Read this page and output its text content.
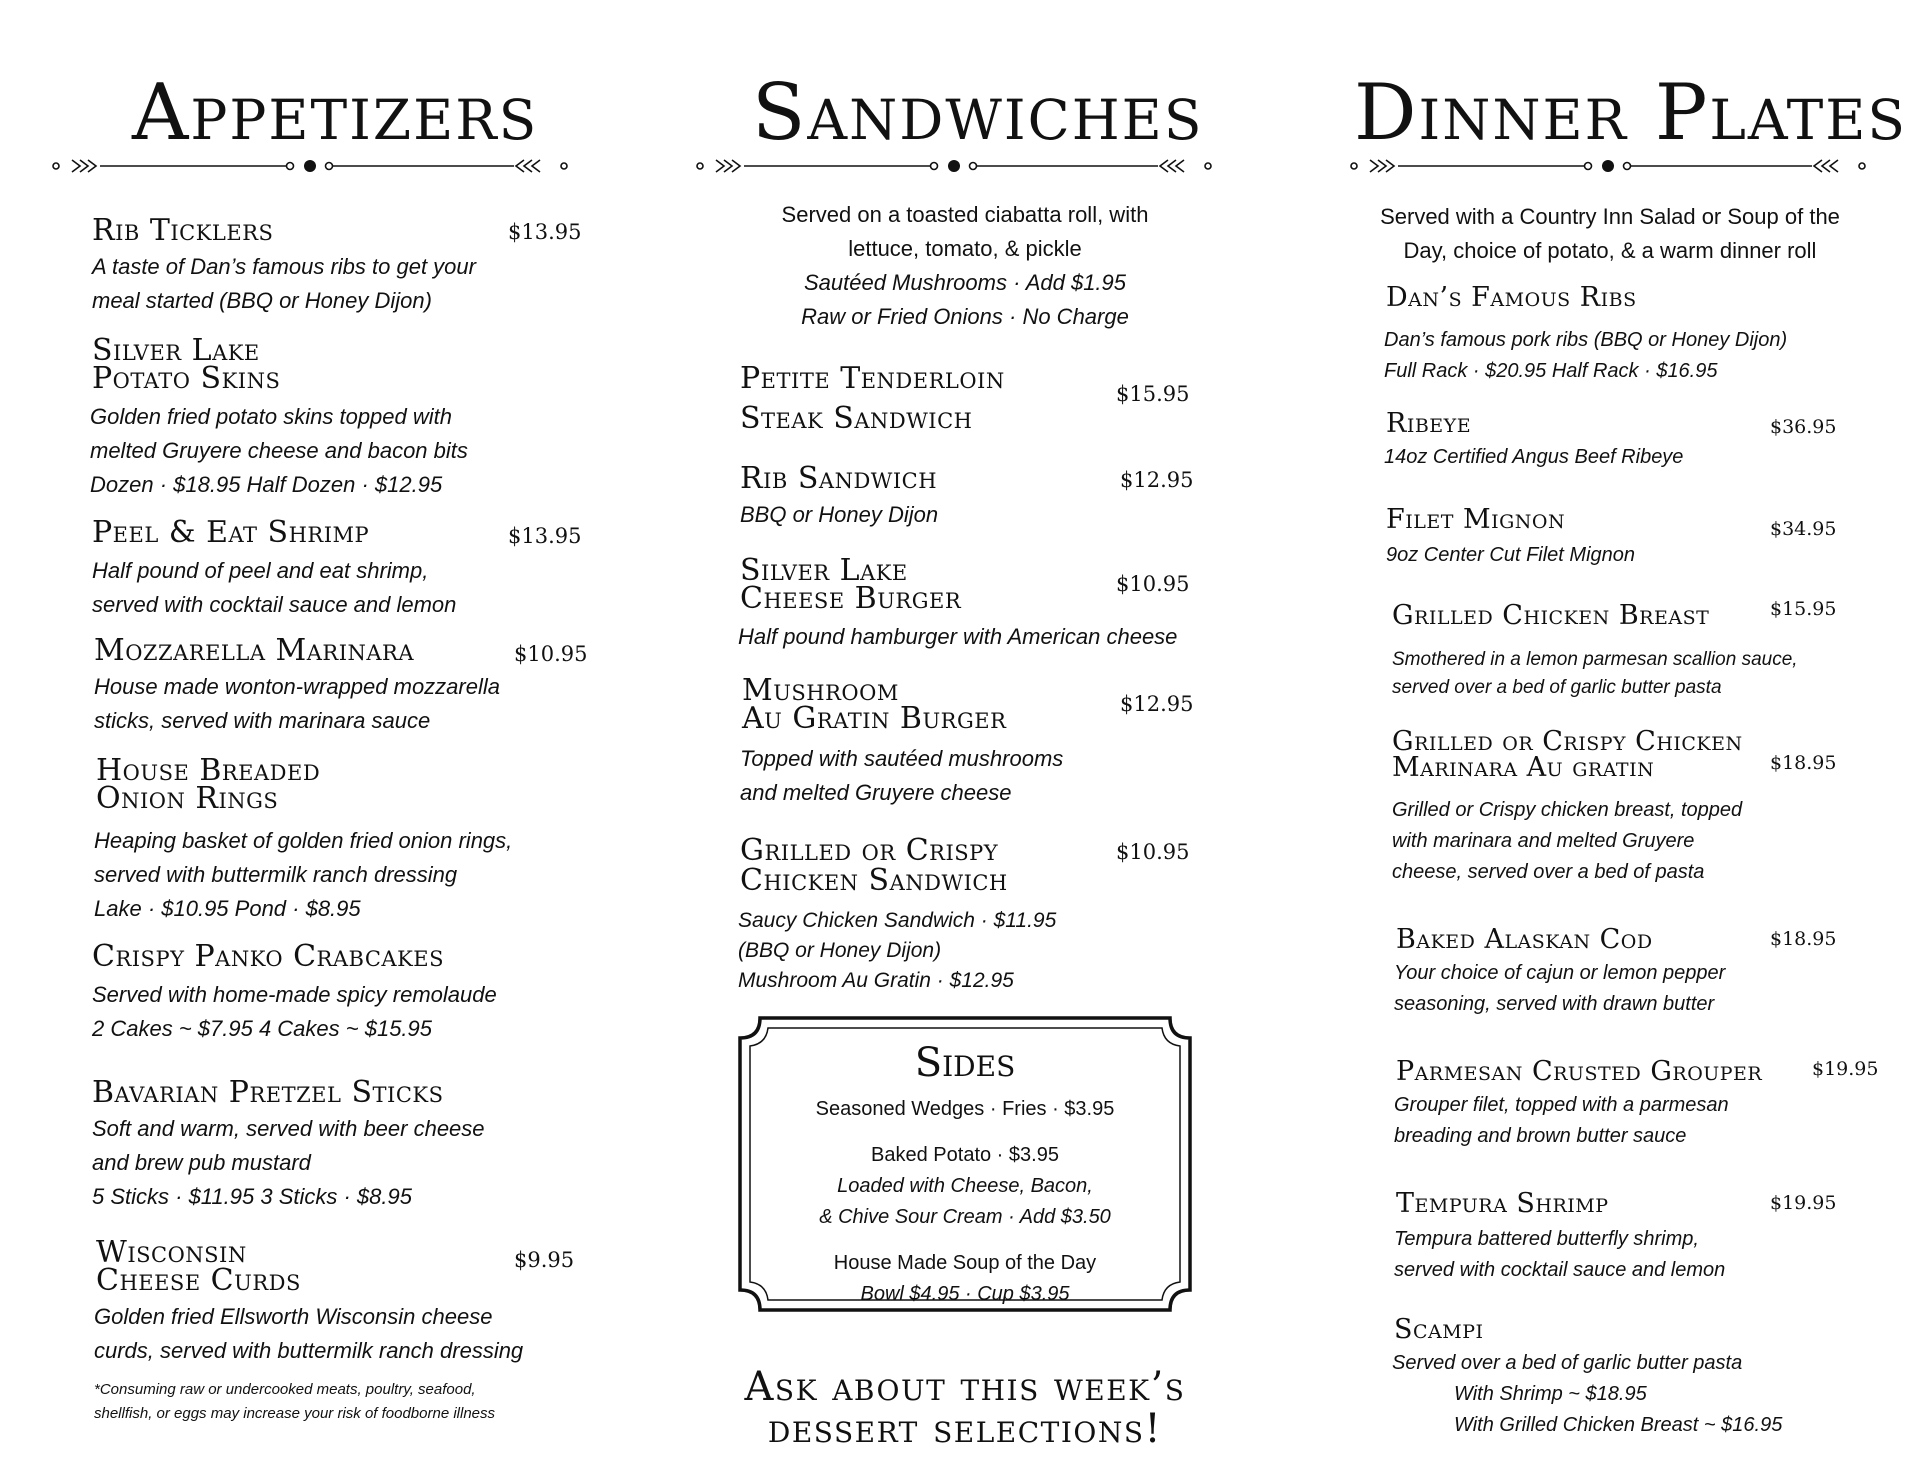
Appetizers
Rib Ticklers	$13.95
A taste of Dan’s famous ribs to get your
meal started (BBQ or Honey Dijon)
Silver Lake
Potato Skins
Golden fried potato skins topped with
melted Gruyere cheese and bacon bits
Dozen · $18.95 Half Dozen · $12.95
Peel & Eat Shrimp	$13.95
Half pound of peel and eat shrimp,
served with cocktail sauce and lemon
Mozzarella Marinara	$10.95
House made wonton-wrapped mozzarella
sticks, served with marinara sauce
House Breaded
Onion Rings
Heaping basket of golden fried onion rings,
served with buttermilk ranch dressing
Lake · $10.95 Pond · $8.95
Crispy Panko Crabcakes
Served with home-made spicy remolaude
2 Cakes ~ $7.95 4 Cakes ~ $15.95
Bavarian Pretzel Sticks
Soft and warm, served with beer cheese
and brew pub mustard
5 Sticks · $11.95 3 Sticks · $8.95
Wisconsin
Cheese Curds
$9.95
Golden fried Ellsworth Wisconsin cheese
curds, served with buttermilk ranch dressing
*Consuming raw or undercooked meats, poultry, seafood,
shellfish, or eggs may increase your risk of foodborne illness
Sandwiches
Served on a toasted ciabatta roll, with
lettuce, tomato, & pickle
Sautéed Mushrooms · Add $1.95
Raw or Fried Onions · No Charge
Petite Tenderloin
Steak Sandwich
$15.95
Rib Sandwich	$12.95
BBQ or Honey Dijon
Silver Lake
Cheese Burger	$10.95
Half pound hamburger with American cheese
Mushroom
Au Gratin Burger	$12.95
Topped with sautéed mushrooms
and melted Gruyere cheese
Grilled or Crispy
Chicken Sandwich
$10.95
Saucy Chicken Sandwich · $11.95
(BBQ or Honey Dijon)
Mushroom Au Gratin · $12.95
Sides
Seasoned Wedges · Fries · $3.95
Baked Potato · $3.95
Loaded with Cheese, Bacon,
& Chive Sour Cream · Add $3.50
House Made Soup of the Day
Bowl $4.95 · Cup $3.95
Ask about this week’s
dessert selections!
Dinner Plates
Served with a Country Inn Salad or Soup of the
Day, choice of potato, & a warm dinner roll
Dan’s Famous Ribs
Dan’s famous pork ribs (BBQ or Honey Dijon)
Full Rack · $20.95 Half Rack · $16.95
Ribeye	$36.95
14oz Certified Angus Beef Ribeye
Filet Mignon	$34.95
9oz Center Cut Filet Mignon
Grilled Chicken Breast	$15.95
Smothered in a lemon parmesan scallion sauce,
served over a bed of garlic butter pasta
Grilled or Crispy Chicken
Marinara Au gratin	$18.95
Grilled or Crispy chicken breast, topped
with marinara and melted Gruyere
cheese, served over a bed of pasta
Baked Alaskan Cod	$18.95
Your choice of cajun or lemon pepper
seasoning, served with drawn butter
Parmesan Crusted Grouper	$19.95
Grouper filet, topped with a parmesan
breading and brown butter sauce
Tempura Shrimp	$19.95
Tempura battered butterfly shrimp,
served with cocktail sauce and lemon
Scampi
Served over a bed of garlic butter pasta
With Shrimp ~ $18.95
With Grilled Chicken Breast ~ $16.95
